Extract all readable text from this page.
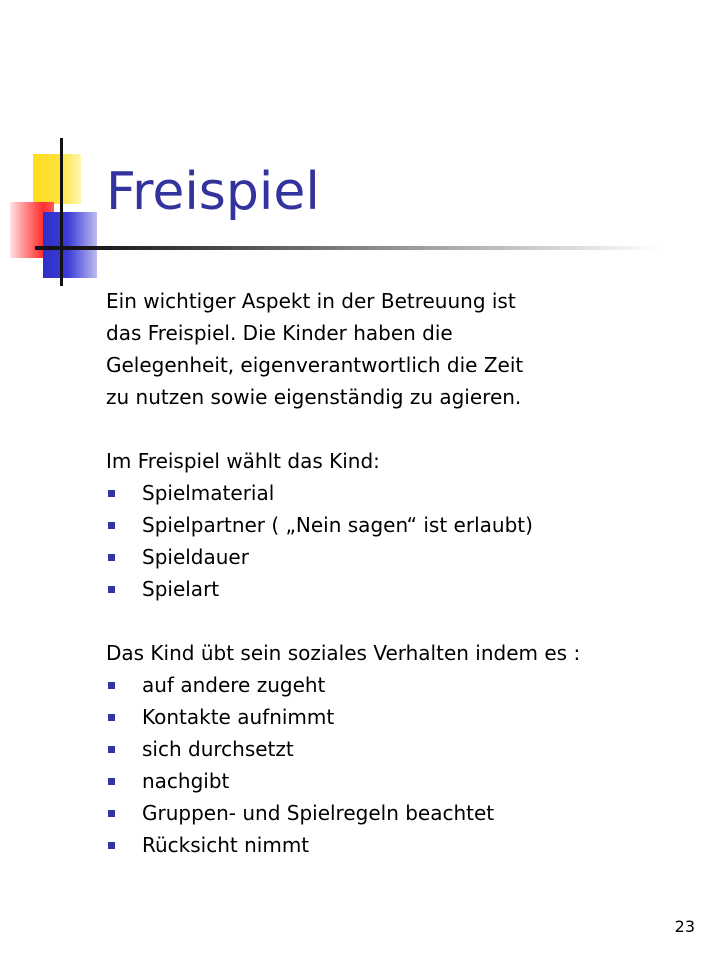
Freispiel

Ein wichtiger Aspekt in der Betreuung ist das Freispiel. Die Kinder haben die Gelegenheit, eigenverantwortlich die Zeit zu nutzen sowie eigenständig zu agieren.

Im Freispiel wählt das Kind:

Spielmaterial
Spielpartner ( „Nein sagen“ ist erlaubt)
Spieldauer
Spielart

Das Kind übt sein soziales Verhalten indem es :

auf andere zugeht
Kontakte aufnimmt
sich durchsetzt
nachgibt
Gruppen- und Spielregeln beachtet
Rücksicht nimmt
23
